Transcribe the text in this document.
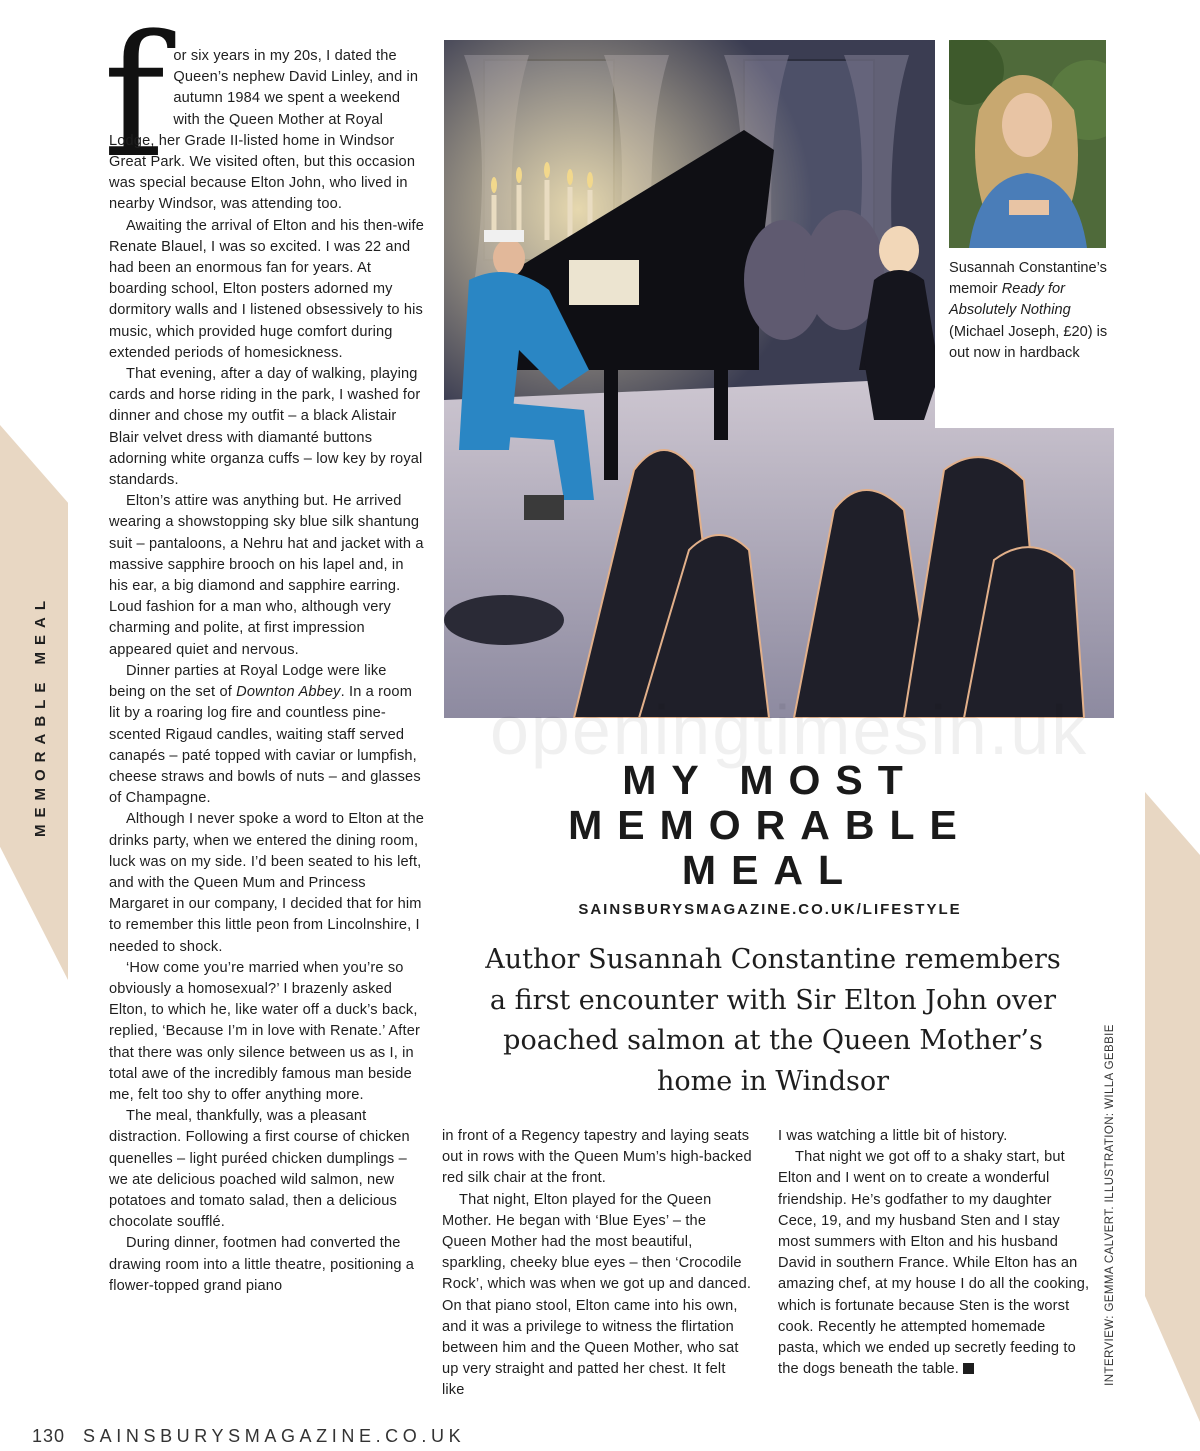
MEMORABLE MEAL

for six years in my 20s, I dated the Queen’s nephew David Linley, and in autumn 1984 we spent a weekend with the Queen Mother at Royal Lodge, her Grade II-listed home in Windsor Great Park. We visited often, but this occasion was special because Elton John, who lived in nearby Windsor, was attending too.

Awaiting the arrival of Elton and his then-wife Renate Blauel, I was so excited. I was 22 and had been an enormous fan for years. At boarding school, Elton posters adorned my dormitory walls and I listened obsessively to his music, which provided huge comfort during extended periods of homesickness.

That evening, after a day of walking, playing cards and horse riding in the park, I washed for dinner and chose my outfit – a black Alistair Blair velvet dress with diamanté buttons adorning white organza cuffs – low key by royal standards.

Elton’s attire was anything but. He arrived wearing a showstopping sky blue silk shantung suit – pantaloons, a Nehru hat and jacket with a massive sapphire brooch on his lapel and, in his ear, a big diamond and sapphire earring. Loud fashion for a man who, although very charming and polite, at first impression appeared quiet and nervous.

Dinner parties at Royal Lodge were like being on the set of Downton Abbey. In a room lit by a roaring log fire and countless pine-scented Rigaud candles, waiting staff served canapés – paté topped with caviar or lumpfish, cheese straws and bowls of nuts – and glasses of Champagne.

Although I never spoke a word to Elton at the drinks party, when we entered the dining room, luck was on my side. I’d been seated to his left, and with the Queen Mum and Princess Margaret in our company, I decided that for him to remember this little peon from Lincolnshire, I needed to shock.

‘How come you’re married when you’re so obviously a homosexual?’ I brazenly asked Elton, to which he, like water off a duck’s back, replied, ‘Because I’m in love with Renate.’ After that there was only silence between us as I, in total awe of the incredibly famous man beside me, felt too shy to offer anything more.

The meal, thankfully, was a pleasant distraction. Following a first course of chicken quenelles – light puréed chicken dumplings – we ate delicious poached wild salmon, new potatoes and tomato salad, then a delicious chocolate soufflé.

During dinner, footmen had converted the drawing room into a little theatre, positioning a flower-topped grand piano

Susannah Constantine’s memoir Ready for Absolutely Nothing (Michael Joseph, £20) is out now in hardback
openingtimesin.uk
MY MOST
MEMORABLE
MEAL
SAINSBURYSMAGAZINE.CO.UK/LIFESTYLE
Author Susannah Constantine remembers a first encounter with Sir Elton John over poached salmon at the Queen Mother’s home in Windsor

in front of a Regency tapestry and laying seats out in rows with the Queen Mum’s high-backed red silk chair at the front.

That night, Elton played for the Queen Mother. He began with ‘Blue Eyes’ – the Queen Mother had the most beautiful, sparkling, cheeky blue eyes – then ‘Crocodile Rock’, which was when we got up and danced. On that piano stool, Elton came into his own, and it was a privilege to witness the flirtation between him and the Queen Mother, who sat up very straight and patted her chest. It felt like

I was watching a little bit of history.

That night we got off to a shaky start, but Elton and I went on to create a wonderful friendship. He’s godfather to my daughter Cece, 19, and my husband Sten and I stay most summers with Elton and his husband David in southern France. While Elton has an amazing chef, at my house I do all the cooking, which is fortunate because Sten is the worst cook. Recently he attempted homemade pasta, which we ended up secretly feeding to the dogs beneath the table.	INTERVIEW: GEMMA CALVERT. ILLUSTRATION: WILLA GEBBIE
130 SAINSBURYSMAGAZINE.CO.UK
